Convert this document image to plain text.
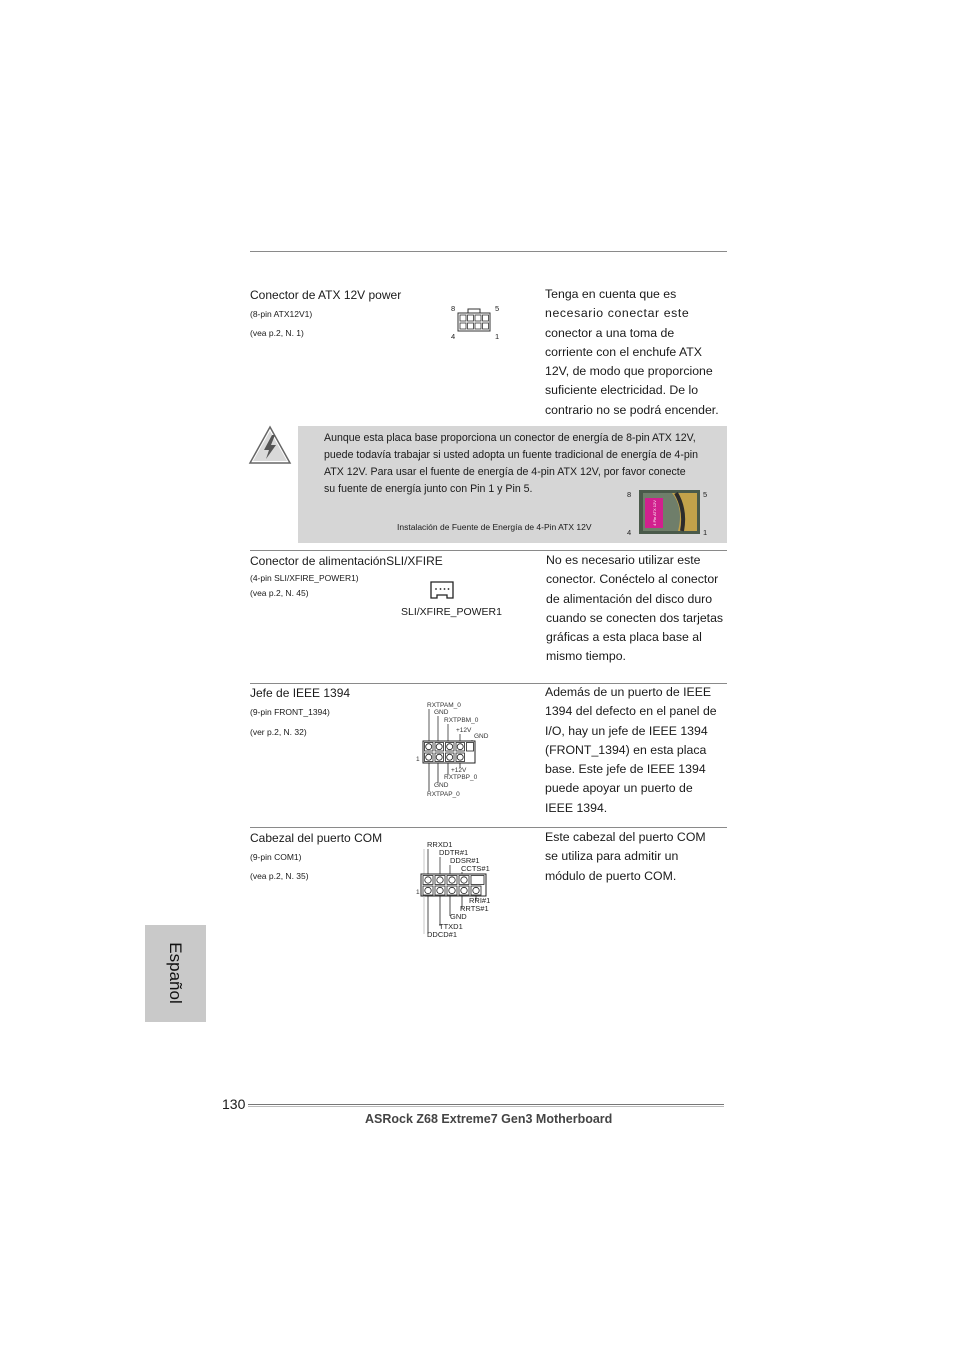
Conector de ATX 12V power
(8-pin ATX12V1)
(vea p.2, N. 1)
8	5
4	1
Tenga en cuenta que es
necesario conectar este
conector a una toma de
corriente con el enchufe ATX
12V, de modo que proporcione
suficiente electricidad. De lo
contrario no se podrá encender.
Aunque esta placa base proporciona un conector de energía de 8-pin ATX 12V,
puede todavía trabajar si usted adopta un fuente tradicional de energía de 4-pin
ATX 12V. Para usar el fuente de energía de 4-pin ATX 12V, por favor conecte
su fuente de energía junto con Pin 1 y Pin 5.
Instalación de Fuente de Energía de 4-Pin ATX 12V
8	5
4	1
4 Pin ATX 12V
Conector de alimentaciónSLI/XFIRE
(4-pin SLI/XFIRE_POWER1)
(vea p.2, N. 45)
SLI/XFIRE_POWER1
No es necesario utilizar este
conector. Conéctelo al conector
de alimentación del disco duro
cuando se conecten dos tarjetas
gráficas a esta placa base al
mismo tiempo.
Jefe de IEEE 1394
(9-pin FRONT_1394)
(ver p.2, N. 32)
RXTPAM_0
GND
RXTPBM_0
+12V
GND
1
+12V
RXTPBP_0
GND
RXTPAP_0
Además de un puerto de IEEE
1394 del defecto en el panel de
I/O, hay un jefe de IEEE 1394
(FRONT_1394) en esta placa
base. Este jefe de IEEE 1394
puede apoyar un puerto de
IEEE 1394.
Cabezal del puerto COM
(9-pin COM1)
(vea p.2, N. 35)
RRXD1
DDTR#1
DDSR#1
CCTS#1
1
RRI#1
RRTS#1
GND
TTXD1
DDCD#1
Este cabezal del puerto COM
se utiliza para admitir un
módulo de puerto COM.
Español
130
ASRock Z68 Extreme7 Gen3 Motherboard
